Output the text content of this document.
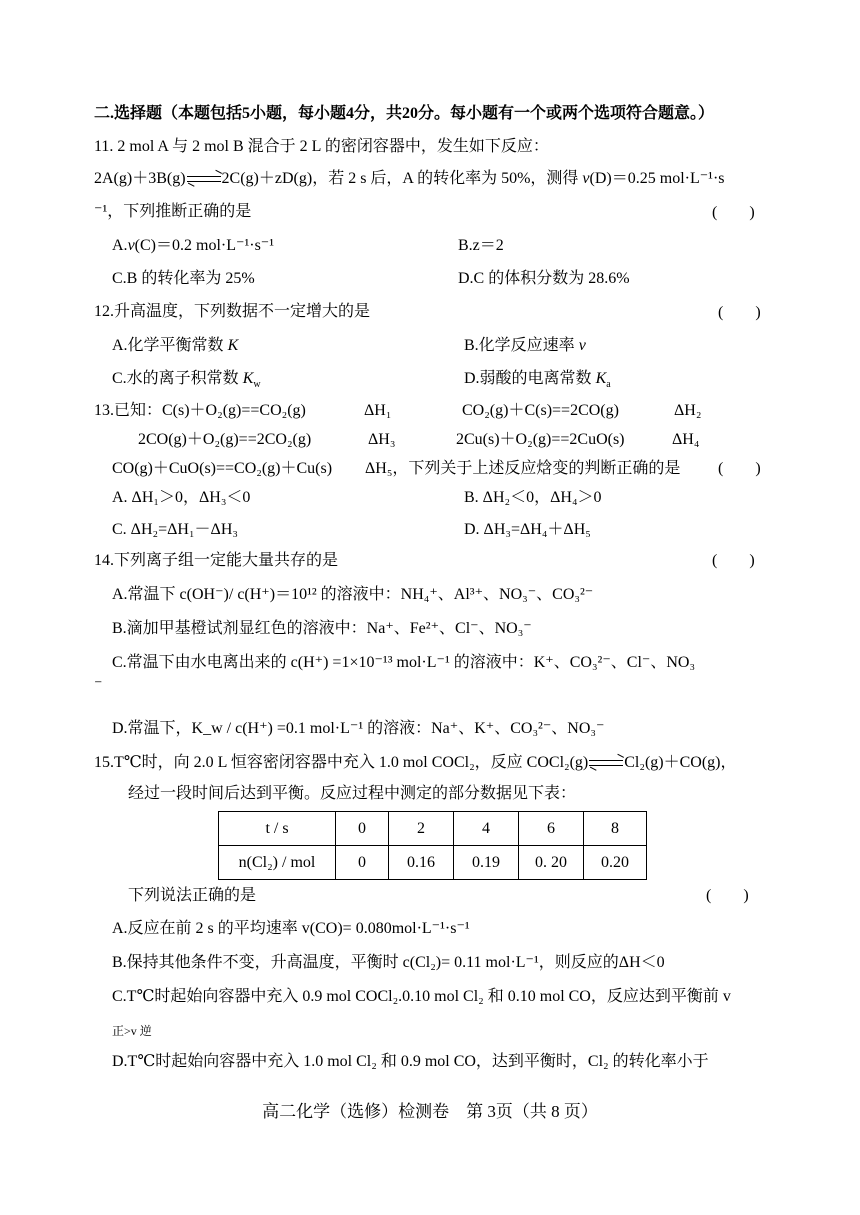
二.选择题（本题包括5小题，每小题4分，共20分。每小题有一个或两个选项符合题意。）
11. 2 mol A 与 2 mol B 混合于 2 L 的密闭容器中，发生如下反应：
2A(g)＋3B(g) 2C(g)＋zD(g)，若 2 s 后，A 的转化率为 50%，测得 v(D)＝0.25 mol·L⁻¹·s
⁻¹，下列推断正确的是	(　　)
A.v(C)＝0.2 mol·L⁻¹·s⁻¹	B.z＝2
C.B 的转化率为 25%	D.C 的体积分数为 28.6%
12.升高温度，下列数据不一定增大的是	(　　)
A.化学平衡常数 K	B.化学反应速率 v
C.水的离子积常数 $K_w$	D.弱酸的电离常数 $K_a$
13.已知：C(s)＋O₂(g)==CO₂(g)	ΔH₁	CO₂(g)＋C(s)==2CO(g)	ΔH₂
2CO(g)＋O₂(g)==2CO₂(g)	ΔH₃	2Cu(s)＋O₂(g)==2CuO(s)	ΔH₄
CO(g)＋CuO(s)==CO₂(g)＋Cu(s) ΔH₅，下列关于上述反应焓变的判断正确的是 (　　)
A. ΔH₁＞0，ΔH₃＜0	B. ΔH₂＜0，ΔH₄＞0
C. ΔH₂=ΔH₁－ΔH₃	D. ΔH₃=ΔH₄＋ΔH₅
14.下列离子组一定能大量共存的是	(　　)
A.常温下 c(OH⁻)/ c(H⁺)＝10¹² 的溶液中：NH₄⁺、Al³⁺、NO₃⁻、CO₃²⁻
B.滴加甲基橙试剂显红色的溶液中：Na⁺、Fe²⁺、Cl⁻、NO₃⁻
C.常温下由水电离出来的 c(H⁺) =1×10⁻¹³ mol·L⁻¹ 的溶液中：K⁺、CO₃²⁻、Cl⁻、NO₃
⁻
D.常温下，K_w / c(H⁺) =0.1 mol·L⁻¹ 的溶液：Na⁺、K⁺、CO₃²⁻、NO₃⁻
15.T℃时，向 2.0 L 恒容密闭容器中充入 1.0 mol COCl₂，反应 COCl₂(g) Cl₂(g)＋CO(g)，
经过一段时间后达到平衡。反应过程中测定的部分数据见下表：
t / s	0	2	4	6	8
n(Cl₂) / mol	0	0.16	0.19	0. 20	0.20
下列说法正确的是	(　　)
A.反应在前 2 s 的平均速率 v(CO)= 0.080mol·L⁻¹·s⁻¹
B.保持其他条件不变，升高温度，平衡时 c(Cl₂)= 0.11 mol·L⁻¹，则反应的ΔH＜0
C.T℃时起始向容器中充入 0.9 mol COCl₂.0.10 mol Cl₂ 和 0.10 mol CO，反应达到平衡前 v
正>v 逆
D.T℃时起始向容器中充入 1.0 mol Cl₂ 和 0.9 mol CO，达到平衡时，Cl₂ 的转化率小于
高二化学（选修）检测卷　第 3页（共 8 页）
